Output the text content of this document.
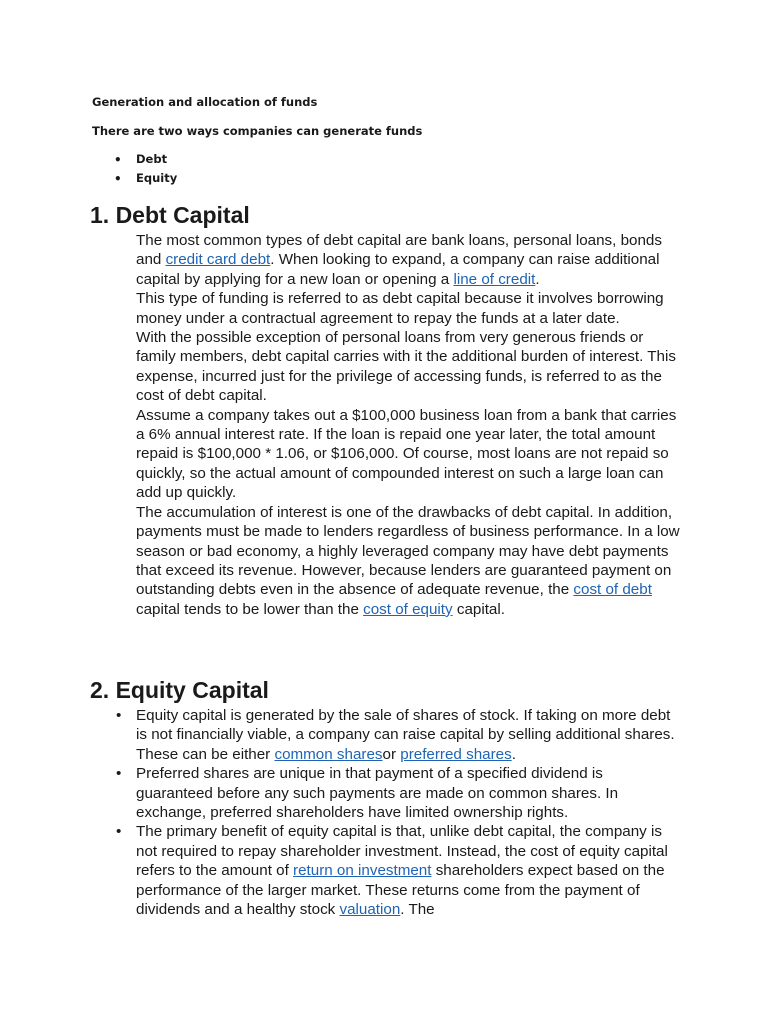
Generation and allocation of funds

There are two ways companies can generate funds

• Debt
• Equity
1. Debt Capital

The most common types of debt capital are bank loans, personal loans, bonds and credit card debt. When looking to expand, a company can raise additional capital by applying for a new loan or opening a line of credit.

This type of funding is referred to as debt capital because it involves borrowing money under a contractual agreement to repay the funds at a later date.

With the possible exception of personal loans from very generous friends or family members, debt capital carries with it the additional burden of interest. This expense, incurred just for the privilege of accessing funds, is referred to as the cost of debt capital.

Assume a company takes out a $100,000 business loan from a bank that carries a 6% annual interest rate. If the loan is repaid one year later, the total amount repaid is $100,000 * 1.06, or $106,000. Of course, most loans are not repaid so quickly, so the actual amount of compounded interest on such a large loan can add up quickly.

The accumulation of interest is one of the drawbacks of debt capital. In addition, payments must be made to lenders regardless of business performance. In a low season or bad economy, a highly leveraged company may have debt payments that exceed its revenue. However, because lenders are guaranteed payment on outstanding debts even in the absence of adequate revenue, the cost of debt capital tends to be lower than the cost of equity capital.

2. Equity Capital
• Equity capital is generated by the sale of shares of stock. If taking on more debt is not financially viable, a company can raise capital by selling additional shares. These can be either common sharesor preferred shares.
• Preferred shares are unique in that payment of a specified dividend is guaranteed before any such payments are made on common shares. In exchange, preferred shareholders have limited ownership rights.
• The primary benefit of equity capital is that, unlike debt capital, the company is not required to repay shareholder investment. Instead, the cost of equity capital refers to the amount of return on investment shareholders expect based on the performance of the larger market. These returns come from the payment of dividends and a healthy stock valuation. The
